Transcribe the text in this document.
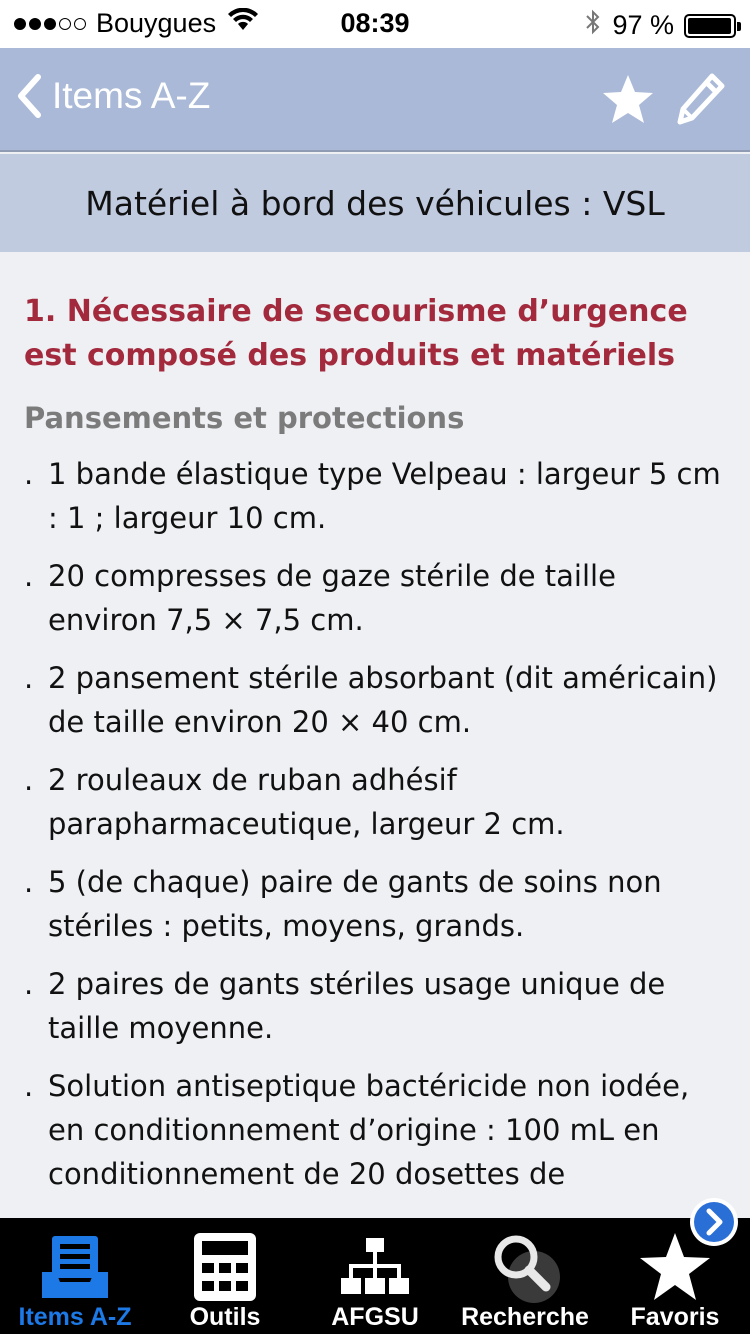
Bouygues	08:39	97 %
Items A-Z
Matériel à bord des véhicules : VSL
1. Nécessaire de secourisme d’urgence est composé des produits et matériels
Pansements et protections
. 1 bande élastique type Velpeau : largeur 5 cm : 1 ; largeur 10 cm.
. 20 compresses de gaze stérile de taille environ 7,5 × 7,5 cm.
. 2 pansement stérile absorbant (dit américain) de taille environ 20 × 40 cm.
. 2 rouleaux de ruban adhésif parapharmaceutique, largeur 2 cm.
. 5 (de chaque) paire de gants de soins non stériles : petits, moyens, grands.
. 2 paires de gants stériles usage unique de taille moyenne.
. Solution antiseptique bactéricide non iodée, en conditionnement d’origine : 100 mL en conditionnement de 20 dosettes de
Items A-Z Outils	AFGSU Recherche Favoris
